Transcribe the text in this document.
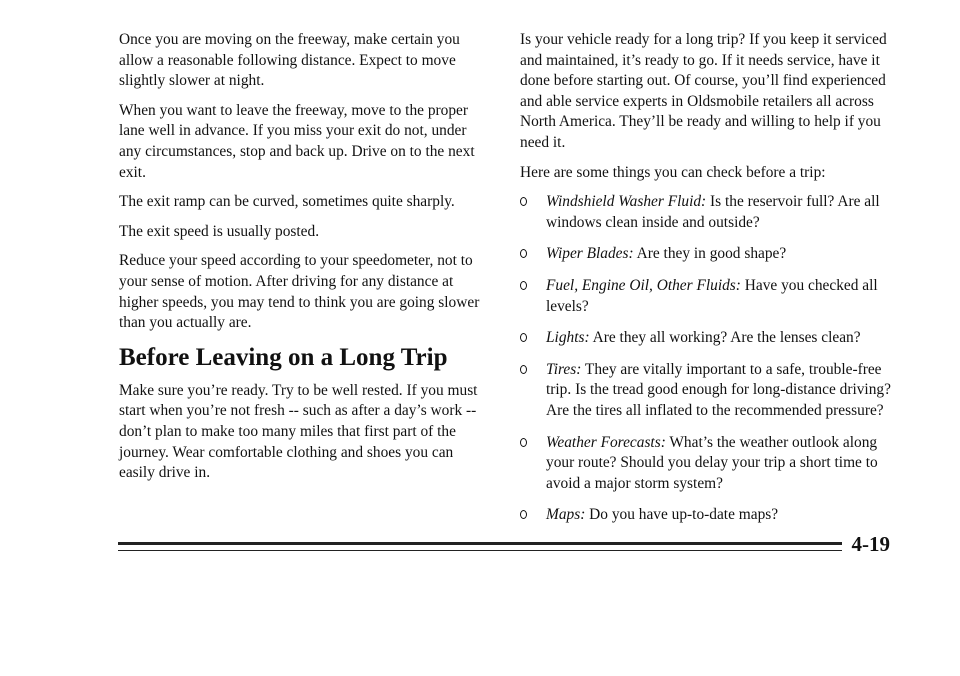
Once you are moving on the freeway, make certain you allow a reasonable following distance. Expect to move slightly slower at night.

When you want to leave the freeway, move to the proper lane well in advance. If you miss your exit do not, under any circumstances, stop and back up. Drive on to the next exit.

The exit ramp can be curved, sometimes quite sharply.

The exit speed is usually posted.

Reduce your speed according to your speedometer, not to your sense of motion. After driving for any distance at higher speeds, you may tend to think you are going slower than you actually are.

Before Leaving on a Long Trip

Make sure you’re ready. Try to be well rested. If you must start when you’re not fresh -- such as after a day’s work -- don’t plan to make too many miles that first part of the journey. Wear comfortable clothing and shoes you can easily drive in.

Is your vehicle ready for a long trip? If you keep it serviced and maintained, it’s ready to go. If it needs service, have it done before starting out. Of course, you’ll find experienced and able service experts in Oldsmobile retailers all across North America. They’ll be ready and willing to help if you need it.

Here are some things you can check before a trip:

Windshield Washer Fluid: Is the reservoir full? Are all windows clean inside and outside?
Wiper Blades: Are they in good shape?
Fuel, Engine Oil, Other Fluids: Have you checked all levels?
Lights: Are they all working? Are the lenses clean?
Tires: They are vitally important to a safe, trouble-free trip. Is the tread good enough for long-distance driving? Are the tires all inflated to the recommended pressure?
Weather Forecasts: What’s the weather outlook along your route? Should you delay your trip a short time to avoid a major storm system?
Maps: Do you have up-to-date maps?
4-19
